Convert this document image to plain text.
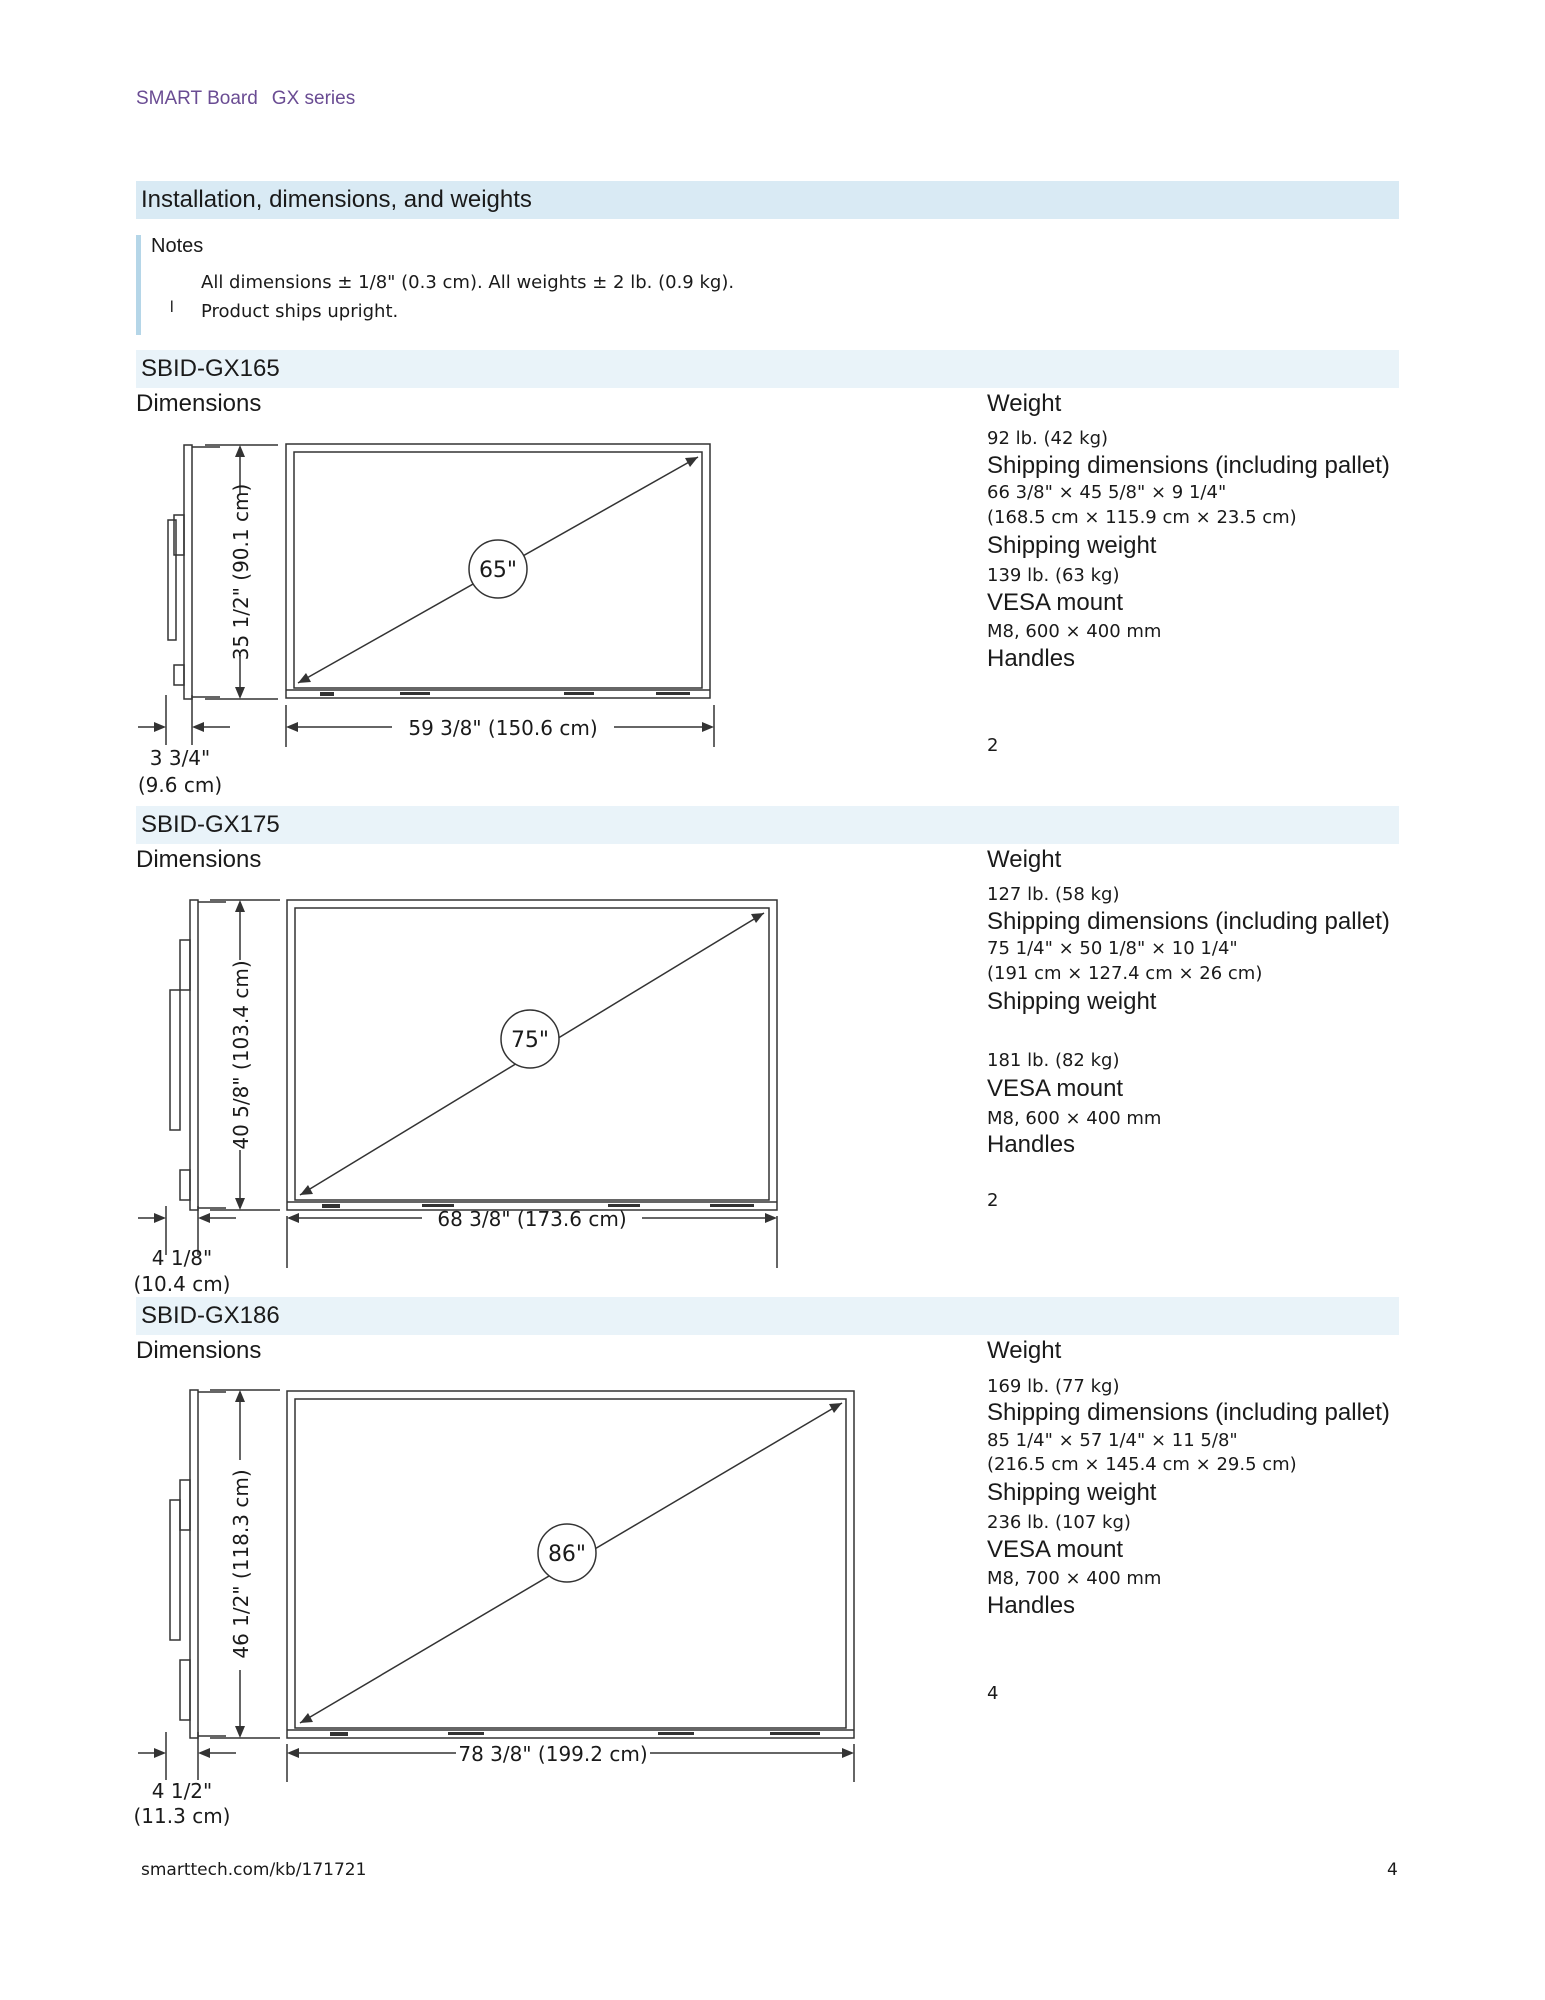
SMART Board GX series
Installation, dimensions, and weights
Notes
All dimensions ± 1/8" (0.3 cm). All weights ± 2 lb. (0.9 kg).
l Product ships upright.
SBID-GX165
Dimensions
65"
35 1/2" (90.1 cm)
59 3/8" (150.6 cm)
3 3/4"
(9.6 cm)
Weight
92 lb. (42 kg)
Shipping dimensions (including pallet)
66 3/8" × 45 5/8" × 9 1/4"
(168.5 cm × 115.9 cm × 23.5 cm)
Shipping weight
139 lb. (63 kg)
VESA mount
M8, 600 × 400 mm
Handles
2
SBID-GX175
Dimensions
75"
40 5/8" (103.4 cm)
68 3/8" (173.6 cm)
4 1/8"
(10.4 cm)
Weight
127 lb. (58 kg)
Shipping dimensions (including pallet)
75 1/4" × 50 1/8" × 10 1/4"
(191 cm × 127.4 cm × 26 cm)
Shipping weight
181 lb. (82 kg)
VESA mount
M8, 600 × 400 mm
Handles
2
SBID-GX186
Dimensions
86"
46 1/2" (118.3 cm)
78 3/8" (199.2 cm)
4 1/2"
(11.3 cm)
Weight
169 lb. (77 kg)
Shipping dimensions (including pallet)
85 1/4" × 57 1/4" × 11 5/8"
(216.5 cm × 145.4 cm × 29.5 cm)
Shipping weight
236 lb. (107 kg)
VESA mount
M8, 700 × 400 mm
Handles
4
smarttech.com/kb/171721	4
